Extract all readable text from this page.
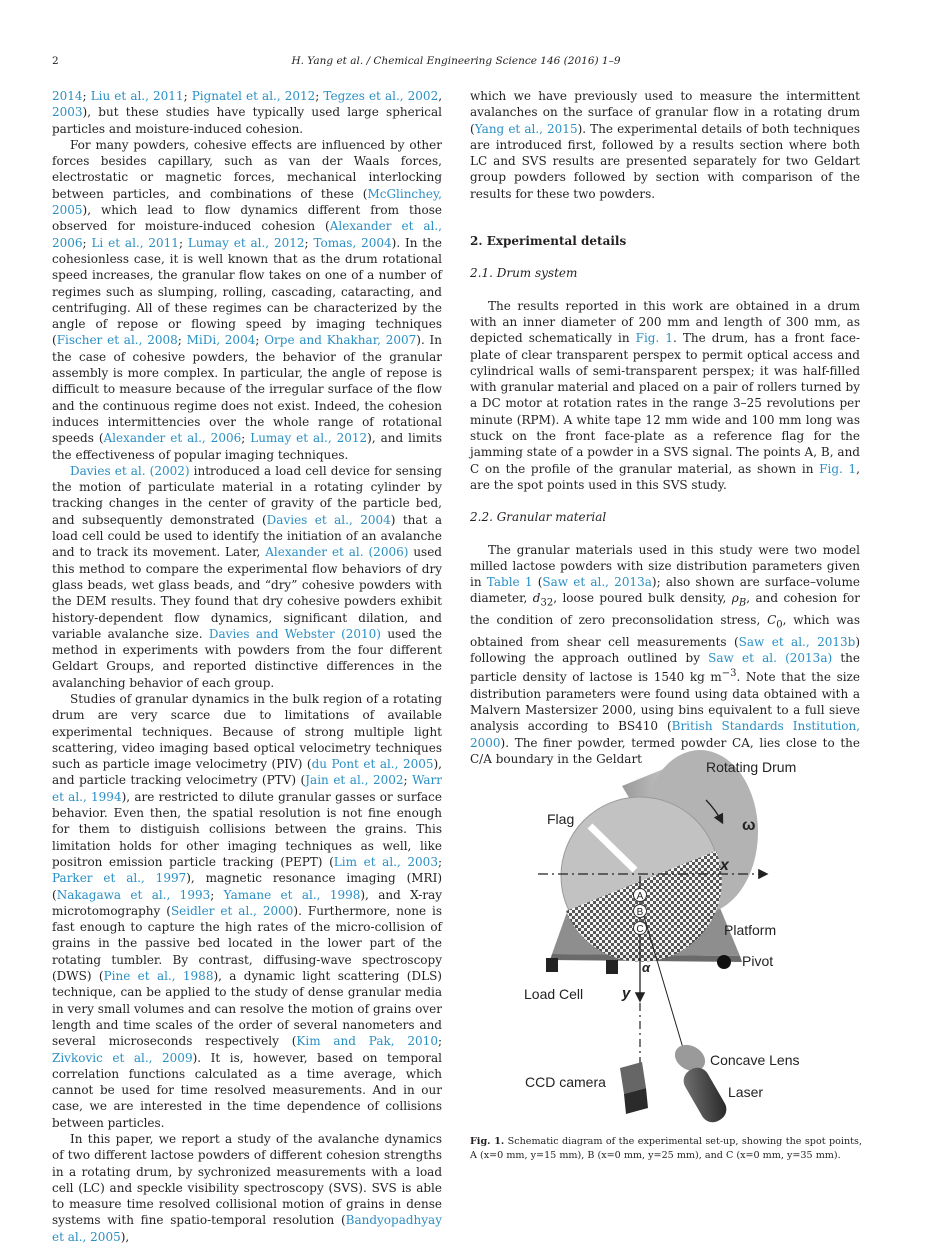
2	H. Yang et al. / Chemical Engineering Science 146 (2016) 1–9

2014; Liu et al., 2011; Pignatel et al., 2012; Tegzes et al., 2002, 2003), but these studies have typically used large spherical particles and moisture-induced cohesion.

For many powders, cohesive effects are influenced by other forces besides capillary, such as van der Waals forces, electrostatic or magnetic forces, mechanical interlocking between particles, and combinations of these (McGlinchey, 2005), which lead to flow dynamics different from those observed for moisture-induced cohesion (Alexander et al., 2006; Li et al., 2011; Lumay et al., 2012; Tomas, 2004). In the cohesionless case, it is well known that as the drum rotational speed increases, the granular flow takes on one of a number of regimes such as slumping, rolling, cascading, cataracting, and centrifuging. All of these regimes can be characterized by the angle of repose or flowing speed by imaging techniques (Fischer et al., 2008; MiDi, 2004; Orpe and Khakhar, 2007). In the case of cohesive powders, the behavior of the granular assembly is more complex. In particular, the angle of repose is difficult to measure because of the irregular surface of the flow and the continuous regime does not exist. Indeed, the cohesion induces intermittencies over the whole range of rotational speeds (Alexander et al., 2006; Lumay et al., 2012), and limits the effectiveness of popular imaging techniques.

Davies et al. (2002) introduced a load cell device for sensing the motion of particulate material in a rotating cylinder by tracking changes in the center of gravity of the particle bed, and subsequently demonstrated (Davies et al., 2004) that a load cell could be used to identify the initiation of an avalanche and to track its movement. Later, Alexander et al. (2006) used this method to compare the experimental flow behaviors of dry glass beads, wet glass beads, and “dry” cohesive powders with the DEM results. They found that dry cohesive powders exhibit history-dependent flow dynamics, significant dilation, and variable avalanche size. Davies and Webster (2010) used the method in experiments with powders from the four different Geldart Groups, and reported distinctive differences in the avalanching behavior of each group.

Studies of granular dynamics in the bulk region of a rotating drum are very scarce due to limitations of available experimental techniques. Because of strong multiple light scattering, video imaging based optical velocimetry techniques such as particle image velocimetry (PIV) (du Pont et al., 2005), and particle tracking velocimetry (PTV) (Jain et al., 2002; Warr et al., 1994), are restricted to dilute granular gasses or surface behavior. Even then, the spatial resolution is not fine enough for them to distiguish collisions between the grains. This limitation holds for other imaging techniques as well, like positron emission particle tracking (PEPT) (Lim et al., 2003; Parker et al., 1997), magnetic resonance imaging (MRI) (Nakagawa et al., 1993; Yamane et al., 1998), and X-ray microtomography (Seidler et al., 2000). Furthermore, none is fast enough to capture the high rates of the micro-collision of grains in the passive bed located in the lower part of the rotating tumbler. By contrast, diffusing-wave spectroscopy (DWS) (Pine et al., 1988), a dynamic light scattering (DLS) technique, can be applied to the study of dense granular media in very small volumes and can resolve the motion of grains over length and time scales of the order of several nanometers and several microseconds respectively (Kim and Pak, 2010; Zivkovic et al., 2009). It is, however, based on temporal correlation functions calculated as a time average, which cannot be used for time resolved measurements. And in our case, we are interested in the time dependence of collisions between particles.

In this paper, we report a study of the avalanche dynamics of two different lactose powders of different cohesion strengths in a rotating drum, by sychronized measurements with a load cell (LC) and speckle visibility spectroscopy (SVS). SVS is able to measure time resolved collisional motion of grains in dense systems with fine spatio-temporal resolution (Bandyopadhyay et al., 2005),

which we have previously used to measure the intermittent avalanches on the surface of granular flow in a rotating drum (Yang et al., 2015). The experimental details of both techniques are introduced first, followed by a results section where both LC and SVS results are presented separately for two Geldart group powders followed by section with comparison of the results for these two powders.

2. Experimental details
2.1. Drum system

The results reported in this work are obtained in a drum with an inner diameter of 200 mm and length of 300 mm, as depicted schematically in Fig. 1. The drum, has a front face-plate of clear transparent perspex to permit optical access and cylindrical walls of semi-transparent perspex; it was half-filled with granular material and placed on a pair of rollers turned by a DC motor at rotation rates in the range 3–25 revolutions per minute (RPM). A white tape 12 mm wide and 100 mm long was stuck on the front face-plate as a reference flag for the jamming state of a powder in a SVS signal. The points A, B, and C on the profile of the granular material, as shown in Fig. 1, are the spot points used in this SVS study.

2.2. Granular material

The granular materials used in this study were two model milled lactose powders with size distribution parameters given in Table 1 (Saw et al., 2013a); also shown are surface–volume diameter, $d_{32}$, loose poured bulk density, $\rho_B$, and cohesion for the condition of zero preconsolidation stress, $C_0$, which was obtained from shear cell measurements (Saw et al., 2013b) following the approach outlined by Saw et al. (2013a) the particle density of lactose is 1540 kg $m^{-3}$. Note that the size distribution parameters were found using data obtained with a Malvern Mastersizer 2000, using bins equivalent to a full sieve analysis according to BS410 (British Standards Institution, 2000). The finer powder, termed powder CA, lies close to the C/A boundary in the Geldart

A
B
C
Rotating Drum
Flag	ω
x
Platform
α	Pivot
Load Cell	y
Concave Lens
CCD camera
Laser
Fig. 1. Schematic diagram of the experimental set-up, showing the spot points, A (x=0 mm, y=15 mm), B (x=0 mm, y=25 mm), and C (x=0 mm, y=35 mm).
